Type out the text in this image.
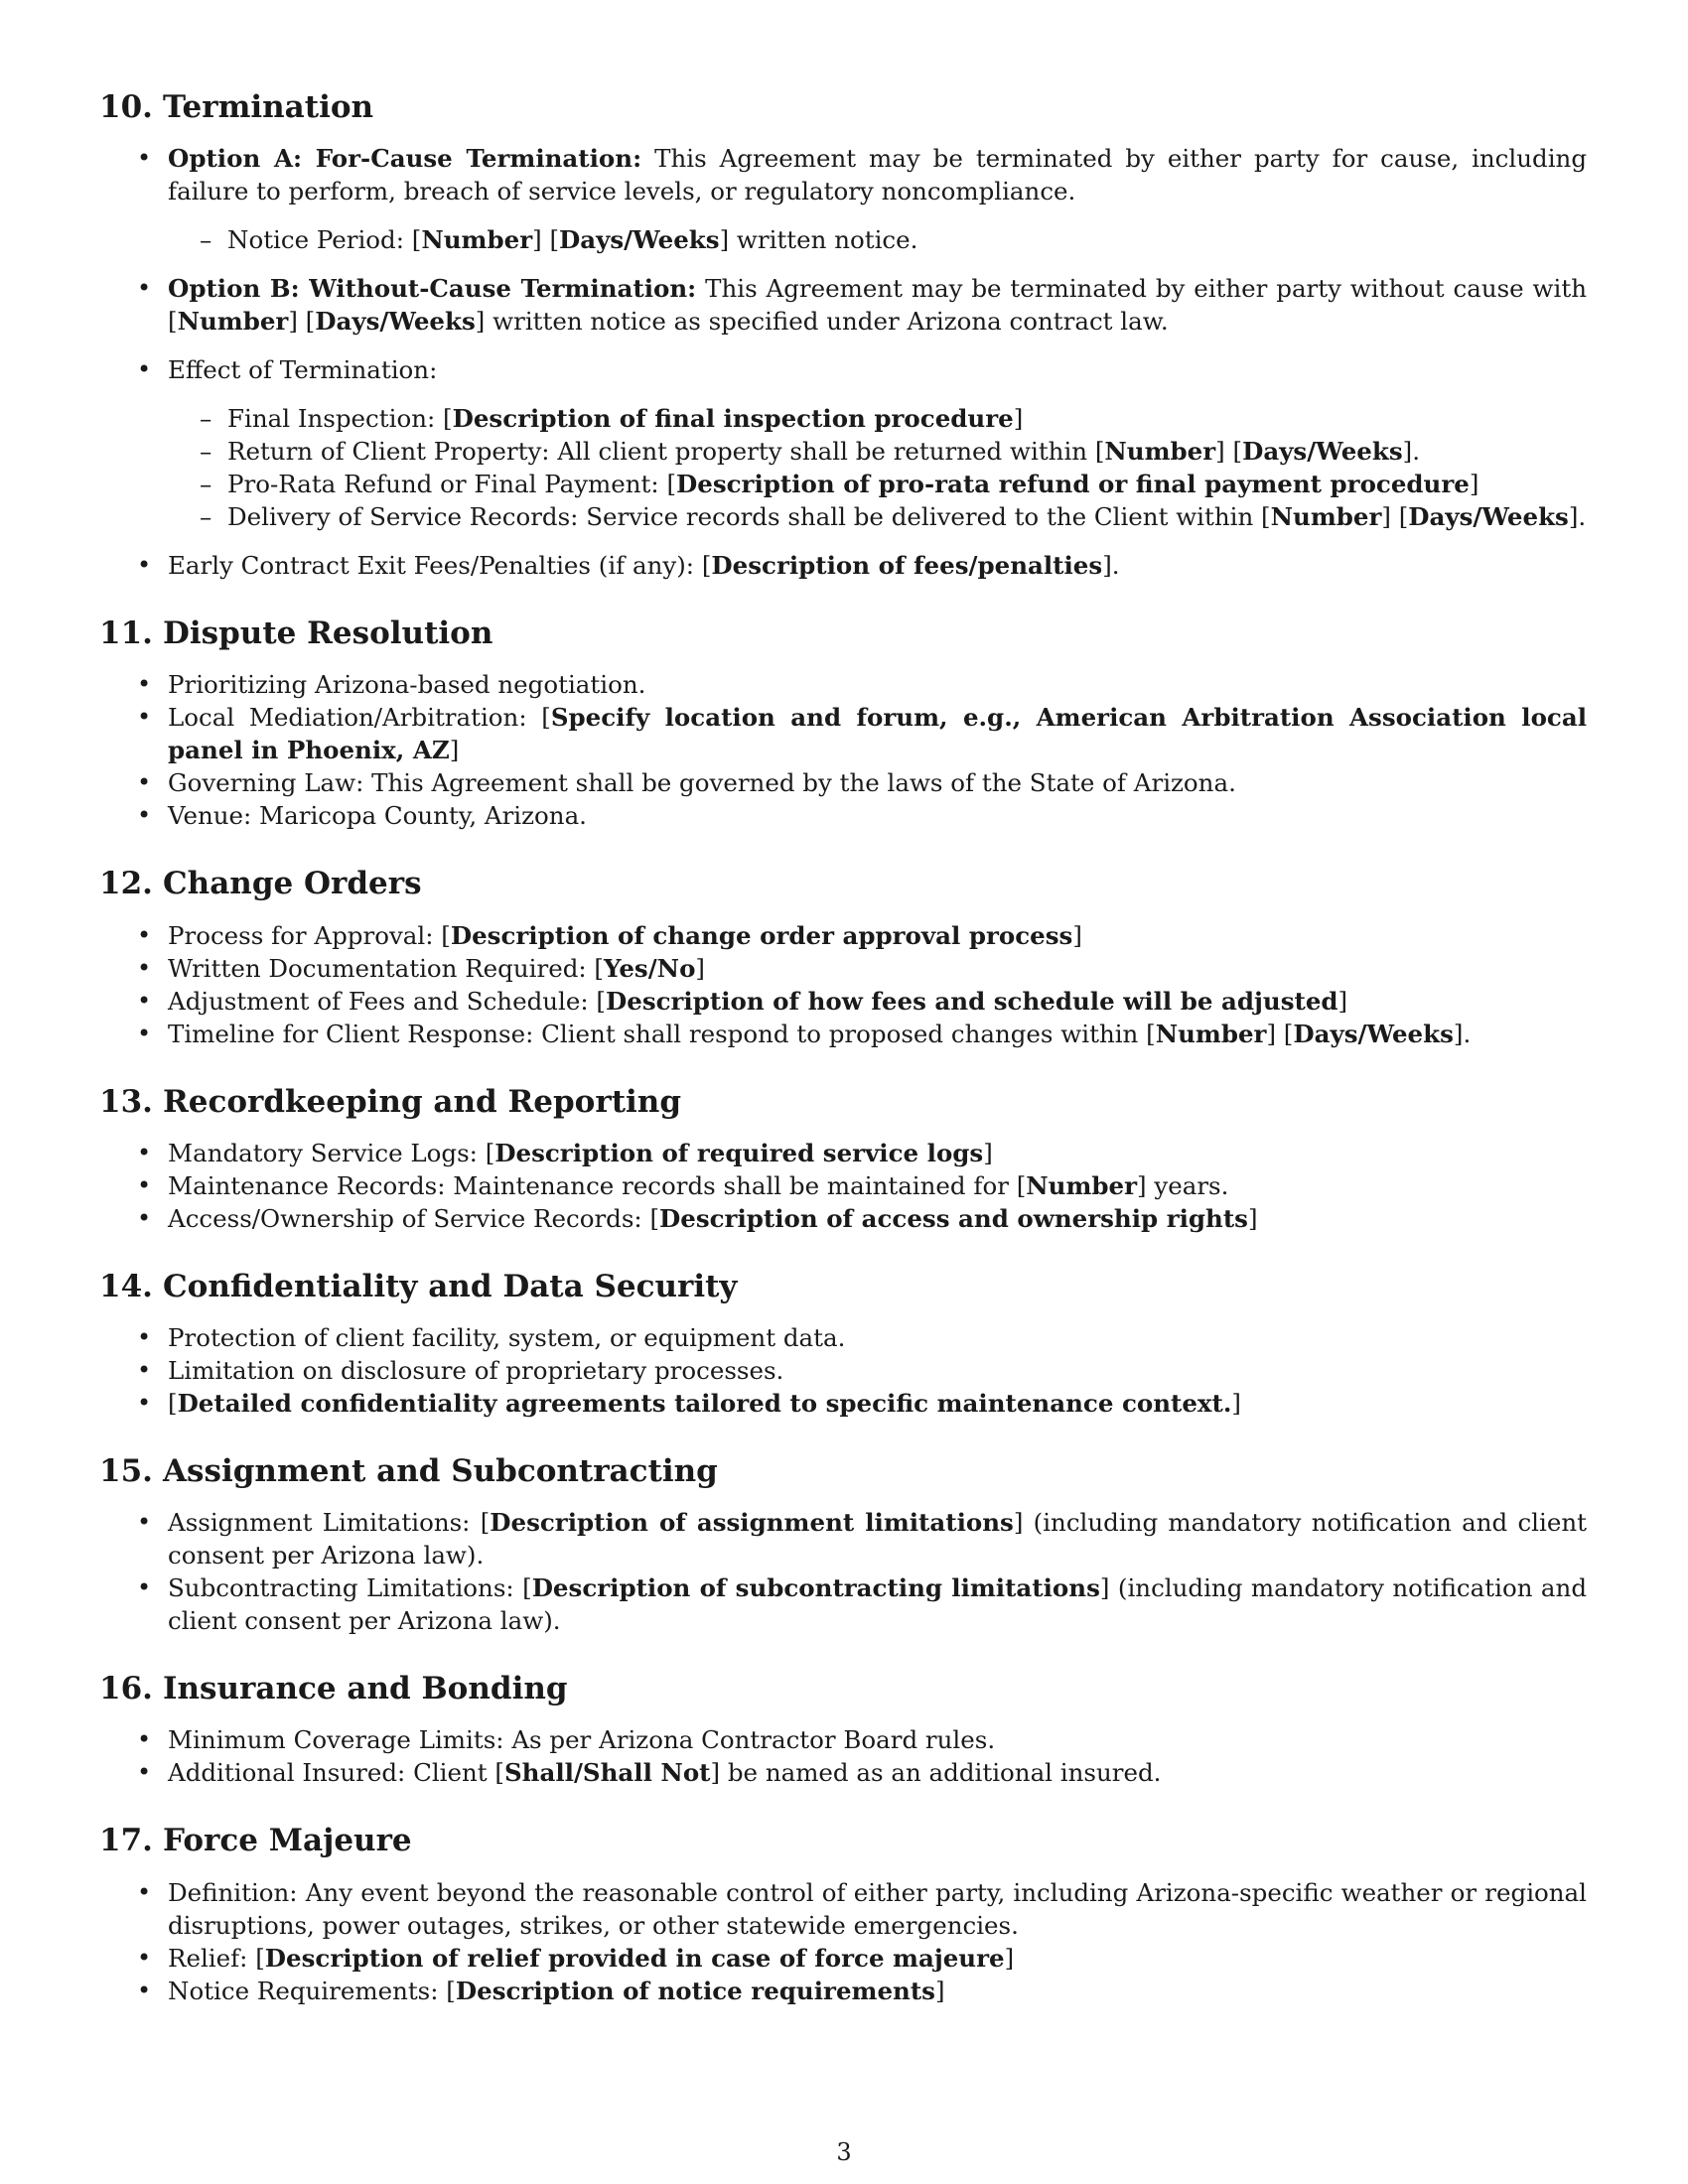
10. Termination
• Option A: For-Cause Termination: This Agreement may be terminated by either party for cause, including failure to perform, breach of service levels, or regulatory noncompliance.
– Notice Period: [Number] [Days/Weeks] written notice.
• Option B: Without-Cause Termination: This Agreement may be terminated by either party without cause with [Number] [Days/Weeks] written notice as specified under Arizona contract law.
• Effect of Termination:
– Final Inspection: [Description of final inspection procedure]
– Return of Client Property: All client property shall be returned within [Number] [Days/Weeks].
– Pro-Rata Refund or Final Payment: [Description of pro-rata refund or final payment procedure]
– Delivery of Service Records: Service records shall be delivered to the Client within [Number] [Days/Weeks].
• Early Contract Exit Fees/Penalties (if any): [Description of fees/penalties].
11. Dispute Resolution
• Prioritizing Arizona-based negotiation.
• Local Mediation/Arbitration: [Specify location and forum, e.g., American Arbitration Association local panel in Phoenix, AZ]
• Governing Law: This Agreement shall be governed by the laws of the State of Arizona.
• Venue: Maricopa County, Arizona.
12. Change Orders
• Process for Approval: [Description of change order approval process]
• Written Documentation Required: [Yes/No]
• Adjustment of Fees and Schedule: [Description of how fees and schedule will be adjusted]
• Timeline for Client Response: Client shall respond to proposed changes within [Number] [Days/Weeks].
13. Recordkeeping and Reporting
• Mandatory Service Logs: [Description of required service logs]
• Maintenance Records: Maintenance records shall be maintained for [Number] years.
• Access/Ownership of Service Records: [Description of access and ownership rights]
14. Confidentiality and Data Security
• Protection of client facility, system, or equipment data.
• Limitation on disclosure of proprietary processes.
• [Detailed confidentiality agreements tailored to specific maintenance context.]
15. Assignment and Subcontracting
• Assignment Limitations: [Description of assignment limitations] (including mandatory notification and client consent per Arizona law).
• Subcontracting Limitations: [Description of subcontracting limitations] (including mandatory notification and client consent per Arizona law).
16. Insurance and Bonding
• Minimum Coverage Limits: As per Arizona Contractor Board rules.
• Additional Insured: Client [Shall/Shall Not] be named as an additional insured.
17. Force Majeure
• Definition: Any event beyond the reasonable control of either party, including Arizona-specific weather or regional disruptions, power outages, strikes, or other statewide emergencies.
• Relief: [Description of relief provided in case of force majeure]
• Notice Requirements: [Description of notice requirements]
3
